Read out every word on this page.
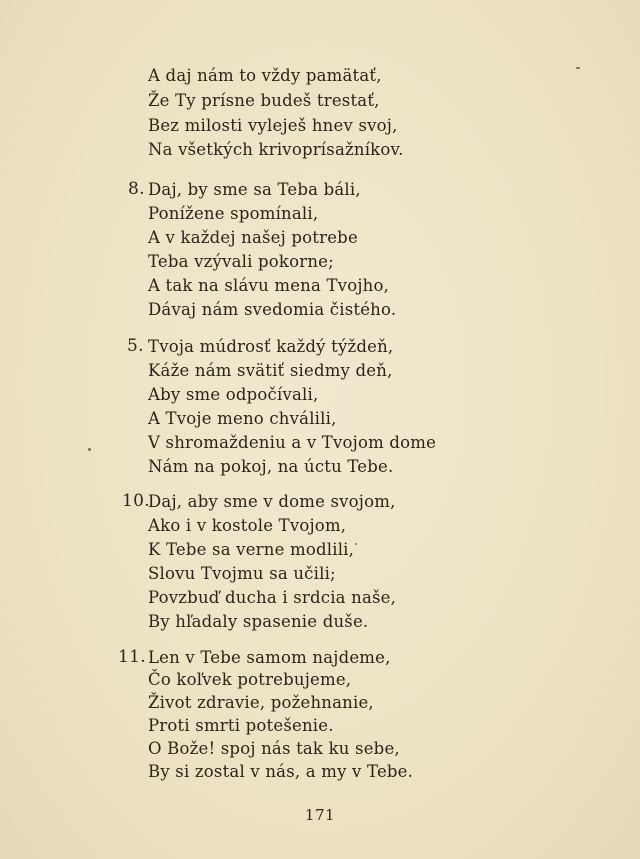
A daj nám to vždy pamätať,
Že Ty prísne budeš trestať,
Bez milosti vyleješ hnev svoj,
Na všetkých krivoprísažníkov.
8. Daj, by sme sa Teba báli,
Ponížene spomínali,
A v každej našej potrebe
Teba vzývali pokorne;
A tak na slávu mena Tvojho,
Dávaj nám svedomia čistého.
5. Tvoja múdrosť každý týždeň,
Káže nám svätiť siedmy deň,
Aby sme odpočívali,
A Tvoje meno chválili,
V shromaždeniu a v Tvojom dome
Nám na pokoj, na úctu Tebe.
10.
Daj, aby sme v dome svojom,
Ako i v kostole Tvojom,
K Tebe sa verne modlili,
Slovu Tvojmu sa učili;
Povzbuď ducha i srdcia naše,
By hľadaly spasenie duše.
11. Len v Tebe samom najdeme,
Čo koľvek potrebujeme,
Život zdravie, požehnanie,
Proti smrti potešenie.
O Bože! spoj nás tak ku sebe,
By si zostal v nás, a my v Tebe.
171
